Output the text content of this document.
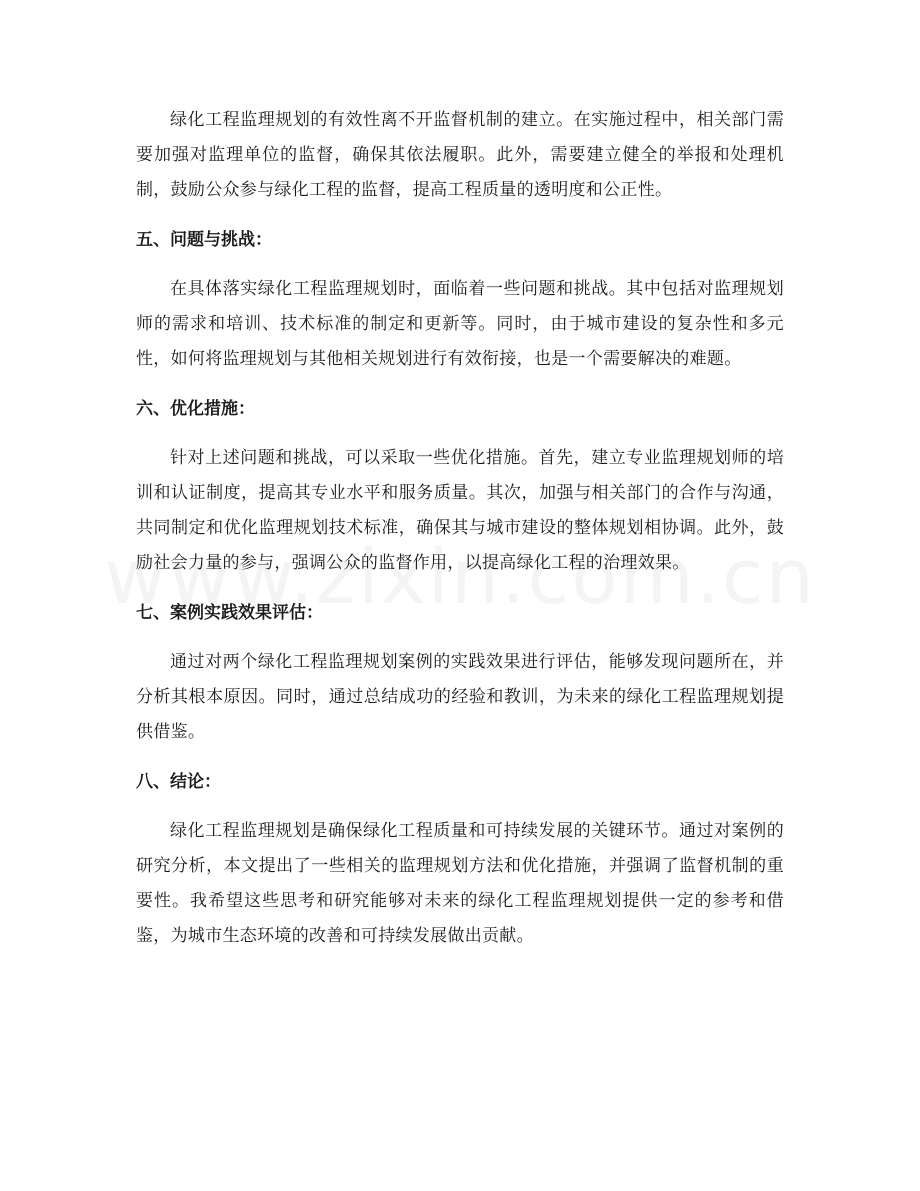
绿化工程监理规划的有效性离不开监督机制的建立。在实施过程中，相关部门需要加强对监理单位的监督，确保其依法履职。此外，需要建立健全的举报和处理机制，鼓励公众参与绿化工程的监督，提高工程质量的透明度和公正性。

五、问题与挑战：

在具体落实绿化工程监理规划时，面临着一些问题和挑战。其中包括对监理规划师的需求和培训、技术标准的制定和更新等。同时，由于城市建设的复杂性和多元性，如何将监理规划与其他相关规划进行有效衔接，也是一个需要解决的难题。

六、优化措施：

针对上述问题和挑战，可以采取一些优化措施。首先，建立专业监理规划师的培训和认证制度，提高其专业水平和服务质量。其次，加强与相关部门的合作与沟通，共同制定和优化监理规划技术标准，确保其与城市建设的整体规划相协调。此外，鼓励社会力量的参与，强调公众的监督作用，以提高绿化工程的治理效果。

七、案例实践效果评估：

通过对两个绿化工程监理规划案例的实践效果进行评估，能够发现问题所在，并分析其根本原因。同时，通过总结成功的经验和教训，为未来的绿化工程监理规划提供借鉴。

八、结论：

绿化工程监理规划是确保绿化工程质量和可持续发展的关键环节。通过对案例的研究分析，本文提出了一些相关的监理规划方法和优化措施，并强调了监督机制的重要性。我希望这些思考和研究能够对未来的绿化工程监理规划提供一定的参考和借鉴，为城市生态环境的改善和可持续发展做出贡献。
